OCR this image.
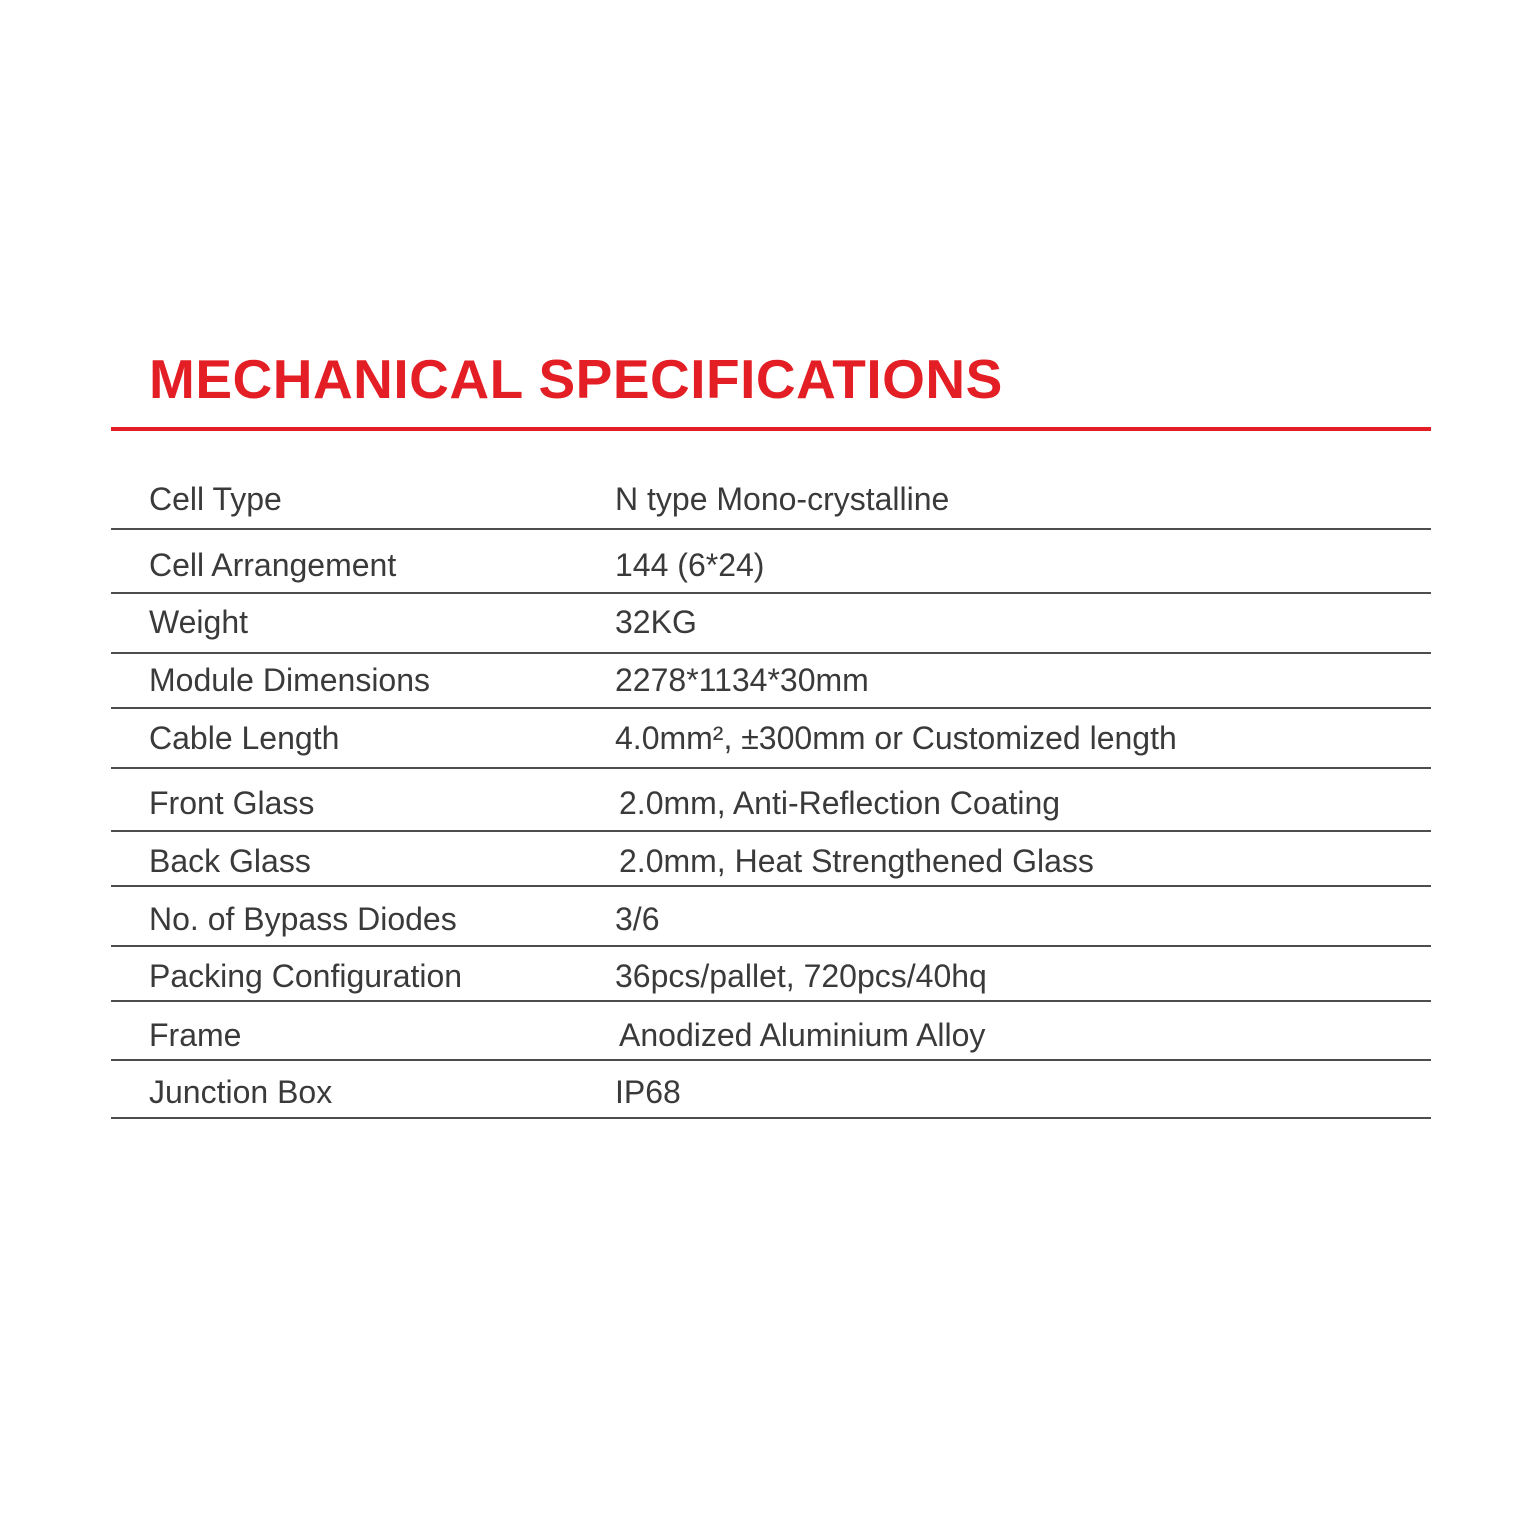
MECHANICAL SPECIFICATIONS
Cell Type	N type Mono-crystalline
Cell Arrangement	144 (6*24)
Weight	32KG
Module Dimensions	2278*1134*30mm
Cable Length	4.0mm², ±300mm or Customized length
Front Glass	2.0mm, Anti-Reflection Coating
Back Glass	2.0mm, Heat Strengthened Glass
No. of Bypass Diodes	3/6
Packing Configuration	36pcs/pallet, 720pcs/40hq
Frame	Anodized Aluminium Alloy
Junction Box	IP68
